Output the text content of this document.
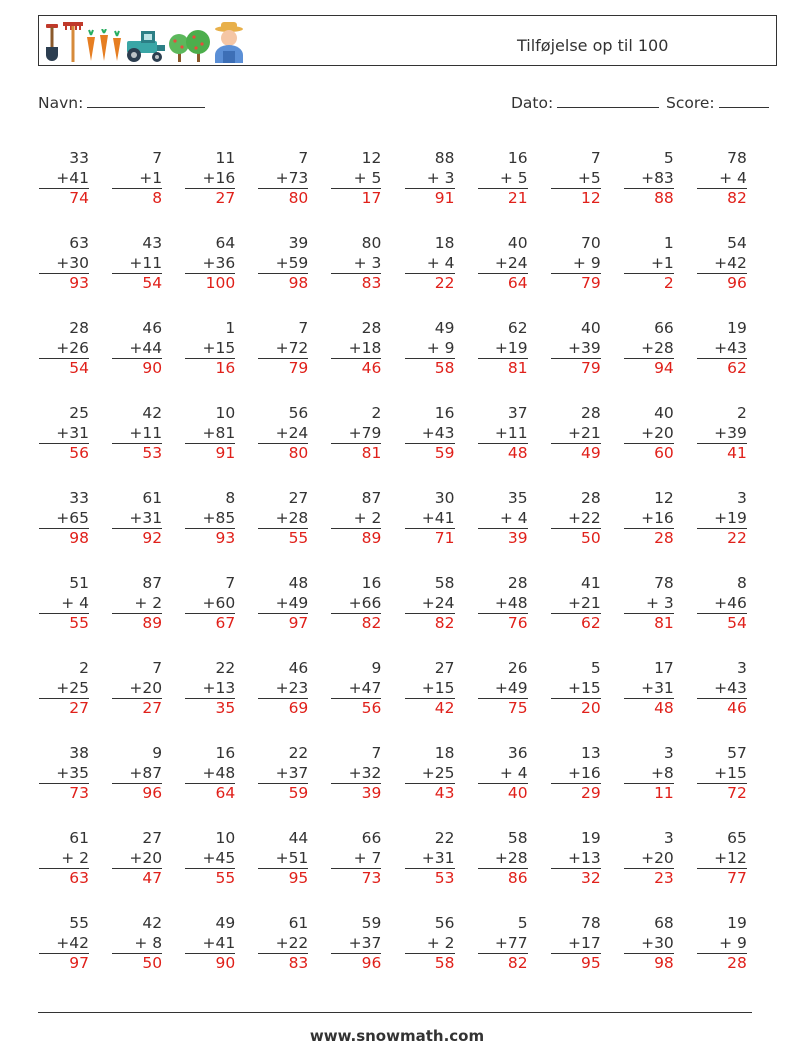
Tilføjelse op til 100
Navn:	Dato:	Score:
33
+41
74
7
+1
8
11
+16
27
7
+73
80
12
+ 5
17
88
+ 3
91
16
+ 5
21
7
+5
12
5
+83
88
78
+ 4
82
63
+30
93
43
+11
54
64
+36
100
39
+59
98
80
+ 3
83
18
+ 4
22
40
+24
64
70
+ 9
79
1
+1
2
54
+42
96
28
+26
54
46
+44
90
1
+15
16
7
+72
79
28
+18
46
49
+ 9
58
62
+19
81
40
+39
79
66
+28
94
19
+43
62
25
+31
56
42
+11
53
10
+81
91
56
+24
80
2
+79
81
16
+43
59
37
+11
48
28
+21
49
40
+20
60
2
+39
41
33
+65
98
61
+31
92
8
+85
93
27
+28
55
87
+ 2
89
30
+41
71
35
+ 4
39
28
+22
50
12
+16
28
3
+19
22
51
+ 4
55
87
+ 2
89
7
+60
67
48
+49
97
16
+66
82
58
+24
82
28
+48
76
41
+21
62
78
+ 3
81
8
+46
54
2
+25
27
7
+20
27
22
+13
35
46
+23
69
9
+47
56
27
+15
42
26
+49
75
5
+15
20
17
+31
48
3
+43
46
38
+35
73
9
+87
96
16
+48
64
22
+37
59
7
+32
39
18
+25
43
36
+ 4
40
13
+16
29
3
+8
11
57
+15
72
61
+ 2
63
27
+20
47
10
+45
55
44
+51
95
66
+ 7
73
22
+31
53
58
+28
86
19
+13
32
3
+20
23
65
+12
77
55
+42
97
42
+ 8
50
49
+41
90
61
+22
83
59
+37
96
56
+ 2
58
5
+77
82
78
+17
95
68
+30
98
19
+ 9
28
www.snowmath.com
